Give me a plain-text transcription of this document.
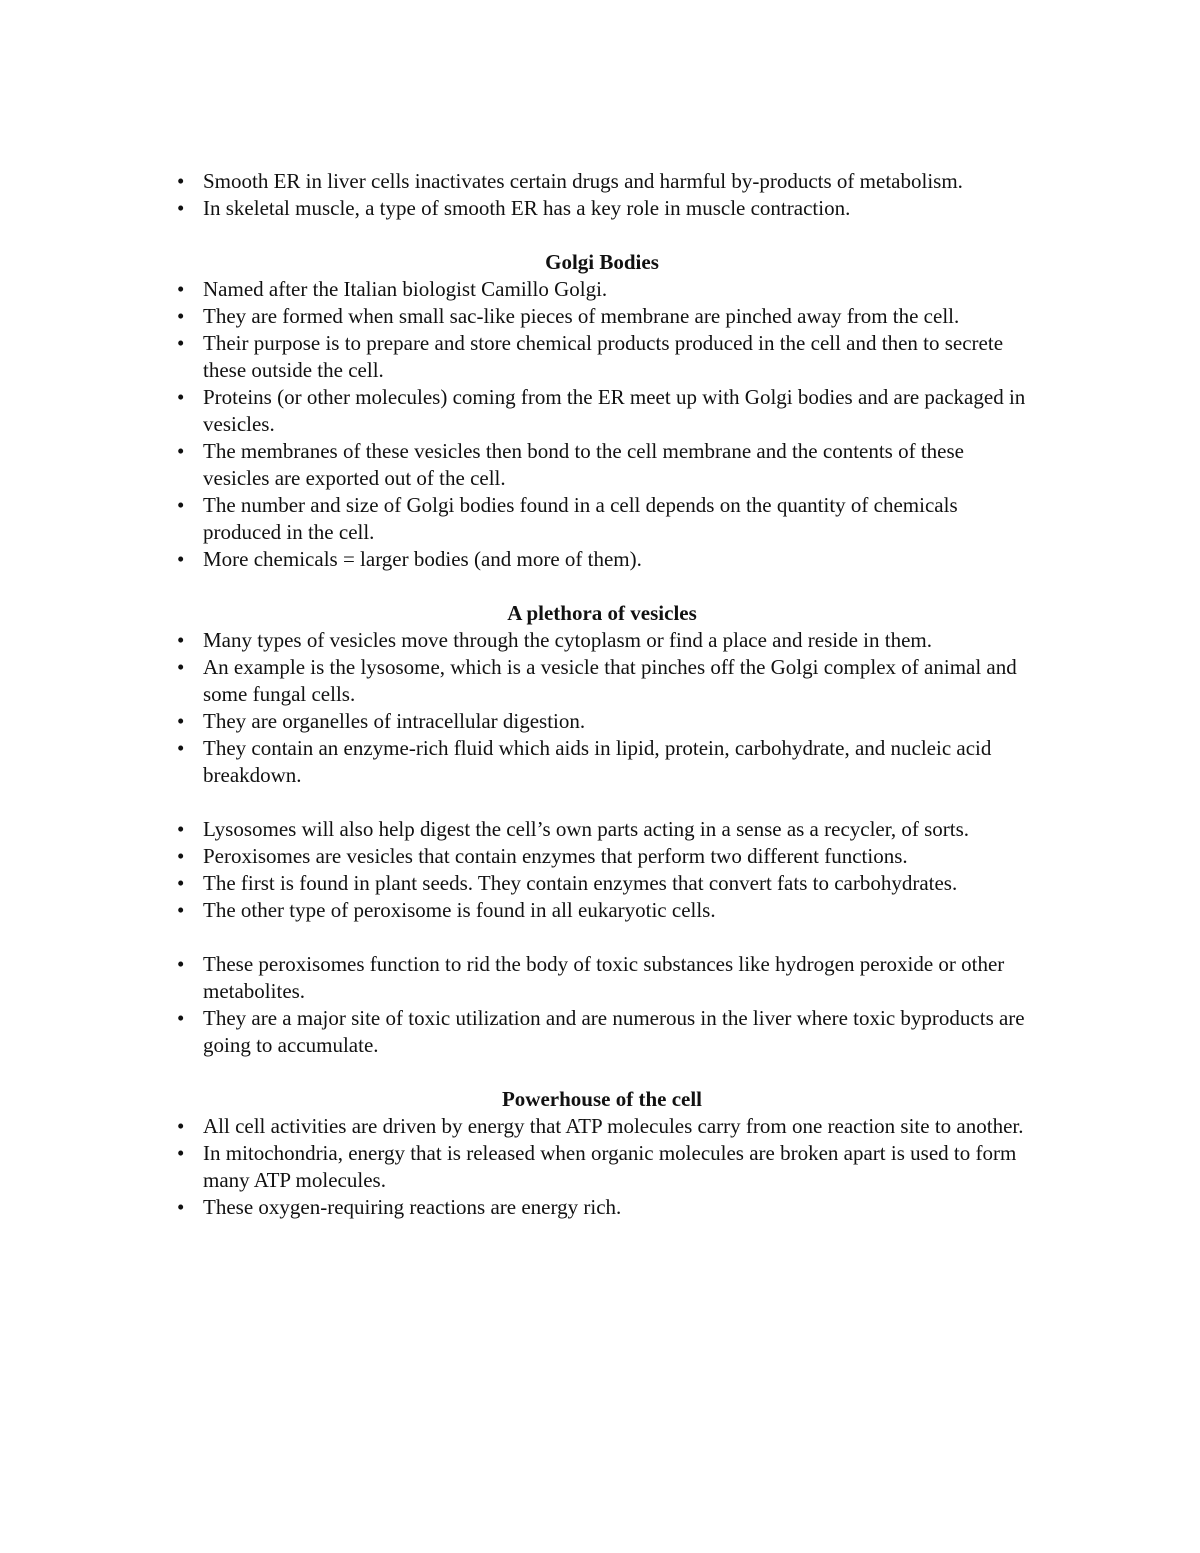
• Smooth ER in liver cells inactivates certain drugs and harmful by-products of metabolism.
• In skeletal muscle, a type of smooth ER has a key role in muscle contraction.

Golgi Bodies

• Named after the Italian biologist Camillo Golgi.
• They are formed when small sac-like pieces of membrane are pinched away from the cell.
• Their purpose is to prepare and store chemical products produced in the cell and then to secrete these outside the cell.
• Proteins (or other molecules) coming from the ER meet up with Golgi bodies and are packaged in vesicles.
• The membranes of these vesicles then bond to the cell membrane and the contents of these vesicles are exported out of the cell.
• The number and size of Golgi bodies found in a cell depends on the quantity of chemicals produced in the cell.
• More chemicals = larger bodies (and more of them).

A plethora of vesicles

• Many types of vesicles move through the cytoplasm or find a place and reside in them.
• An example is the lysosome, which is a vesicle that pinches off the Golgi complex of animal and some fungal cells.
• They are organelles of intracellular digestion.
• They contain an enzyme-rich fluid which aids in lipid, protein, carbohydrate, and nucleic acid breakdown.
• Lysosomes will also help digest the cell’s own parts acting in a sense as a recycler, of sorts.
• Peroxisomes are vesicles that contain enzymes that perform two different functions.
• The first is found in plant seeds. They contain enzymes that convert fats to carbohydrates.
• The other type of peroxisome is found in all eukaryotic cells.
• These peroxisomes function to rid the body of toxic substances like hydrogen peroxide or other metabolites.
• They are a major site of toxic utilization and are numerous in the liver where toxic byproducts are going to accumulate.

Powerhouse of the cell

• All cell activities are driven by energy that ATP molecules carry from one reaction site to another.
• In mitochondria, energy that is released when organic molecules are broken apart is used to form many ATP molecules.
• These oxygen-requiring reactions are energy rich.
